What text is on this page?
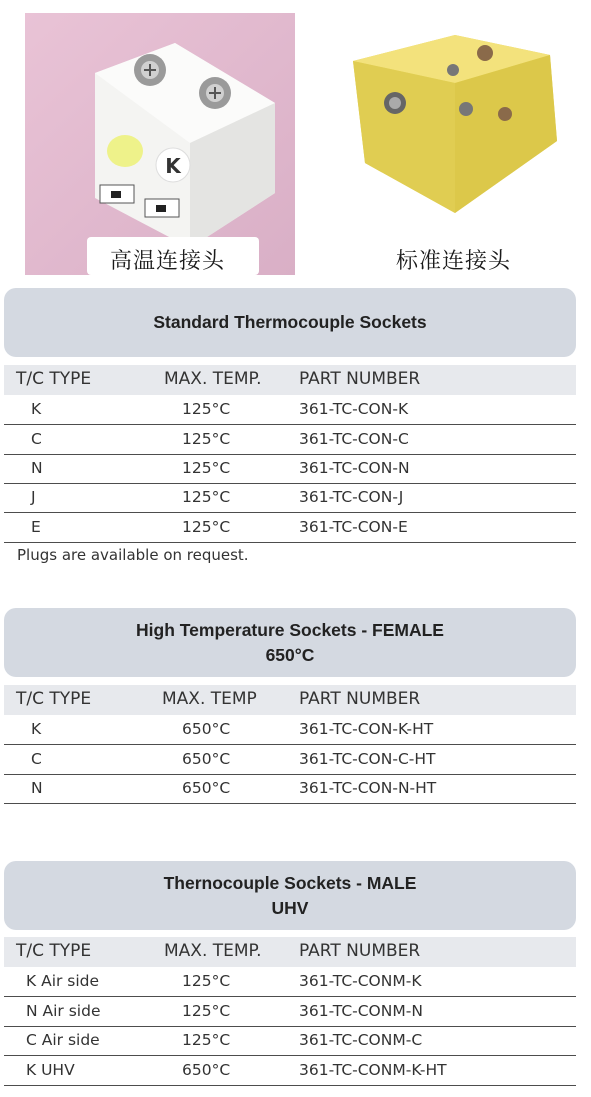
K
高温连接头	标准连接头
Standard Thermocouple Sockets
T/C TYPE	MAX. TEMP. PART NUMBER
K	125°C	361-TC-CON-K
C	125°C	361-TC-CON-C
N	125°C	361-TC-CON-N
J	125°C	361-TC-CON-J
E	125°C	361-TC-CON-E
Plugs are available on request.
High Temperature Sockets - FEMALE
650°C
T/C TYPE	MAX. TEMP PART NUMBER
K	650°C	361-TC-CON-K-HT
C	650°C	361-TC-CON-C-HT
N	650°C	361-TC-CON-N-HT
Thernocouple Sockets - MALE
UHV
T/C TYPE	MAX. TEMP. PART NUMBER
K Air side	125°C	361-TC-CONM-K
N Air side	125°C	361-TC-CONM-N
C Air side	125°C	361-TC-CONM-C
K UHV	650°C	361-TC-CONM-K-HT
